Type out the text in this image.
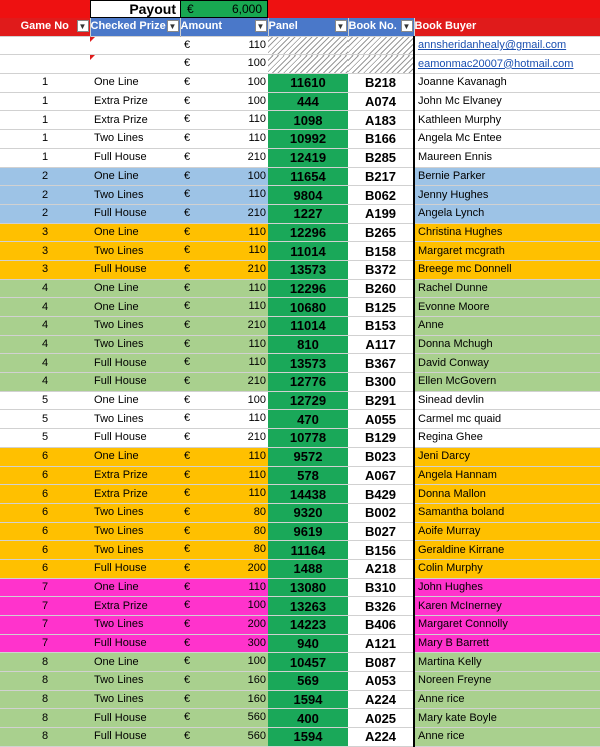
Payout €	6,000
Game No ▼	Checked Prize ▼	Amount ▼	Panel ▼	Book No. ▼	Book Buyer

		€ 110			annsheridanhealy@gmail.com

		€ 100			eamonmac20007@hotmail.com
1	One Line	€ 100	11610	B218	Joanne Kavanagh
1	Extra Prize	€ 100	444	A074	John Mc Elvaney
1	Extra Prize	€ 110	1098	A183	Kathleen Murphy
1	Two Lines	€ 110	10992	B166	Angela Mc Entee
1	Full House	€ 210	12419	B285	Maureen Ennis
2	One Line	€ 100	11654	B217	Bernie Parker
2	Two Lines	€ 110	9804	B062	Jenny Hughes
2	Full House	€ 210	1227	A199	Angela Lynch
3	One Line	€ 110	12296	B265	Christina Hughes
3	Two Lines	€ 110	11014	B158	Margaret mcgrath
3	Full House	€ 210	13573	B372	Breege mc Donnell
4	One Line	€ 110	12296	B260	Rachel Dunne
4	One Line	€ 110	10680	B125	Evonne Moore
4	Two Lines	€ 210	11014	B153	Anne
4	Two Lines	€ 110	810	A117	Donna Mchugh
4	Full House	€ 110	13573	B367	David Conway
4	Full House	€ 210	12776	B300	Ellen McGovern
5	One Line	€ 100	12729	B291	Sinead devlin
5	Two Lines	€ 110	470	A055	Carmel mc quaid
5	Full House	€ 210	10778	B129	Regina Ghee
6	One Line	€ 110	9572	B023	Jeni Darcy
6	Extra Prize	€ 110	578	A067	Angela Hannam
6	Extra Prize	€ 110	14438	B429	Donna Mallon
6	Two Lines	€ 80	9320	B002	Samantha boland
6	Two Lines	€ 80	9619	B027	Aoife Murray
6	Two Lines	€ 80	11164	B156	Geraldine Kirrane
6	Full House	€ 200	1488	A218	Colin Murphy
7	One Line	€ 110	13080	B310	John Hughes
7	Extra Prize	€ 100	13263	B326	Karen McInerney
7	Two Lines	€ 200	14223	B406	Margaret Connolly
7	Full House	€ 300	940	A121	Mary B Barrett
8	One Line	€ 100	10457	B087	Martina Kelly
8	Two Lines	€ 160	569	A053	Noreen Freyne
8	Two Lines	€ 160	1594	A224	Anne rice
8	Full House	€ 560	400	A025	Mary kate Boyle
8	Full House	€ 560	1594	A224	Anne rice
